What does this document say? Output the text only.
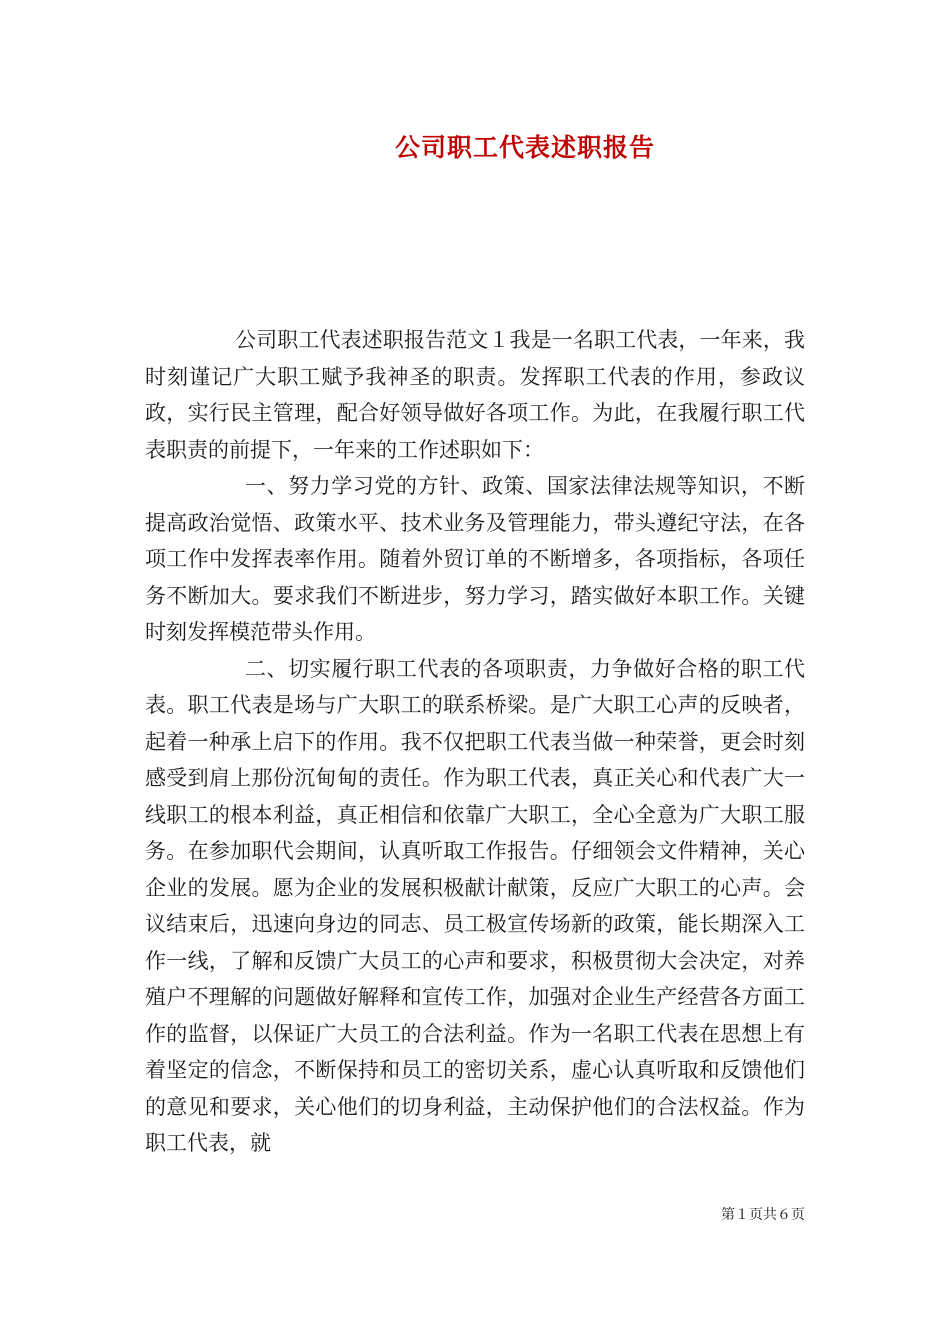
公司职工代表述职报告

公司职工代表述职报告范文１我是一名职工代表，一年来，我时刻谨记广大职工赋予我神圣的职责。发挥职工代表的作用，参政议政，实行民主管理，配合好领导做好各项工作。为此，在我履行职工代表职责的前提下，一年来的工作述职如下：

一、努力学习党的方针、政策、国家法律法规等知识，不断提高政治觉悟、政策水平、技术业务及管理能力，带头遵纪守法，在各项工作中发挥表率作用。随着外贸订单的不断增多，各项指标，各项任务不断加大。要求我们不断进步，努力学习，踏实做好本职工作。关键时刻发挥模范带头作用。

二、切实履行职工代表的各项职责，力争做好合格的职工代表。职工代表是场与广大职工的联系桥梁。是广大职工心声的反映者，起着一种承上启下的作用。我不仅把职工代表当做一种荣誉，更会时刻感受到肩上那份沉甸甸的责任。作为职工代表，真正关心和代表广大一线职工的根本利益，真正相信和依靠广大职工，全心全意为广大职工服务。在参加职代会期间，认真听取工作报告。仔细领会文件精神，关心企业的发展。愿为企业的发展积极献计献策，反应广大职工的心声。会议结束后，迅速向身边的同志、员工极宣传场新的政策，能长期深入工作一线，了解和反馈广大员工的心声和要求，积极贯彻大会决定，对养殖户不理解的问题做好解释和宣传工作，加强对企业生产经营各方面工作的监督，以保证广大员工的合法利益。作为一名职工代表在思想上有着坚定的信念，不断保持和员工的密切关系，虚心认真听取和反馈他们的意见和要求，关心他们的切身利益，主动保护他们的合法权益。作为职工代表，就

第１页共６页
